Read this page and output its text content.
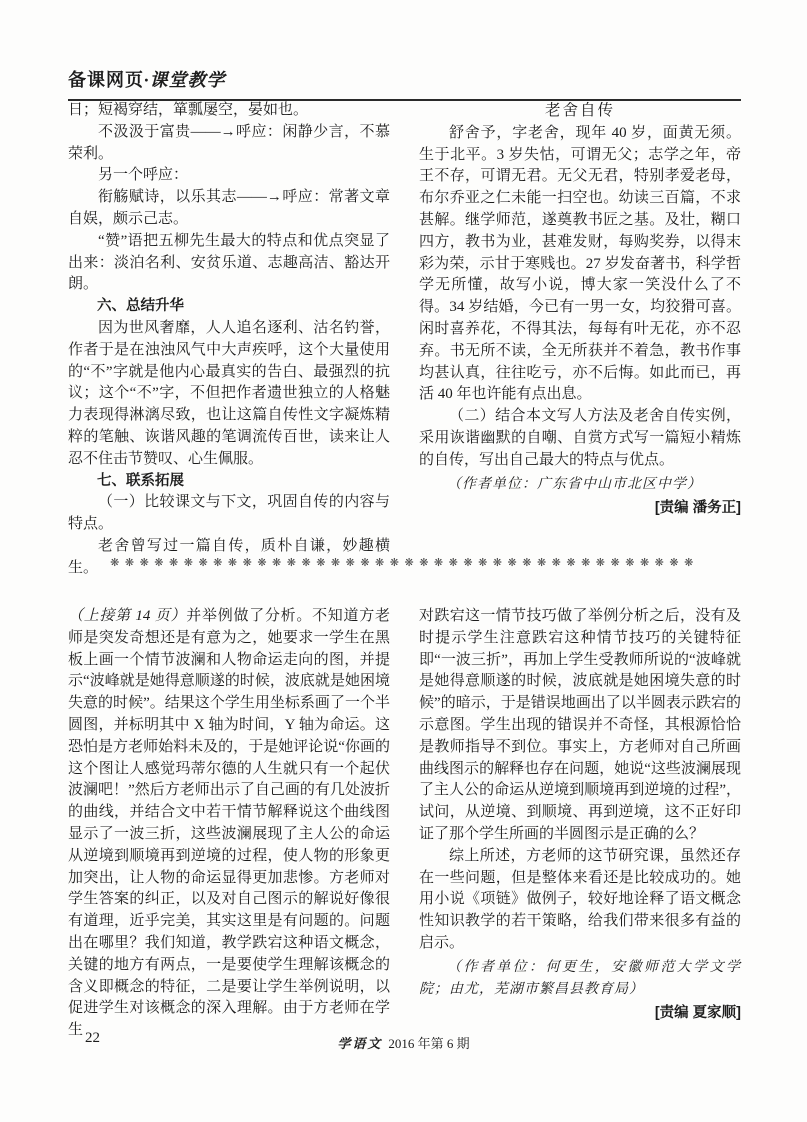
备课网页·课堂教学

日；短褐穿结，箪瓢屡空，晏如也。

不汲汲于富贵——→呼应：闲静少言，不慕荣利。

另一个呼应：

衔觞赋诗，以乐其志——→呼应：常著文章自娱，颇示己志。

“赞”语把五柳先生最大的特点和优点突显了出来：淡泊名利、安贫乐道、志趣高洁、豁达开朗。

六、总结升华

因为世风奢靡，人人追名逐利、沽名钓誉，作者于是在浊浊风气中大声疾呼，这个大量使用的“不”字就是他内心最真实的告白、最强烈的抗议；这个“不”字，不但把作者遗世独立的人格魅力表现得淋漓尽致，也让这篇自传性文字凝炼精粹的笔触、诙谐风趣的笔调流传百世，读来让人忍不住击节赞叹、心生佩服。

七、联系拓展

（一）比较课文与下文，巩固自传的内容与特点。

老舍曾写过一篇自传，质朴自谦，妙趣横生。

老舍自传

舒舍予，字老舍，现年 40 岁，面黄无须。生于北平。3 岁失怙，可谓无父；志学之年，帝王不存，可谓无君。无父无君，特别孝爱老母，布尔乔亚之仁未能一扫空也。幼读三百篇，不求甚解。继学师范，遂奠教书匠之基。及壮，糊口四方，教书为业，甚难发财，每购奖券，以得末彩为荣，示甘于寒贱也。27 岁发奋著书，科学哲学无所懂，故写小说，博大家一笑没什么了不得。34 岁结婚，今已有一男一女，均狡猾可喜。闲时喜养花，不得其法，每每有叶无花，亦不忍弃。书无所不读，全无所获并不着急，教书作事均甚认真，往往吃亏，亦不后悔。如此而已，再活 40 年也许能有点出息。

（二）结合本文写人方法及老舍自传实例，采用诙谐幽默的自嘲、自赏方式写一篇短小精炼的自传，写出自己最大的特点与优点。

（作者单位：广东省中山市北区中学）

[责编 潘务正]

❋❋❋❋❋❋❋❋❋❋❋❋❋❋❋❋❋❋❋❋❋❋❋❋❋❋❋❋❋❋❋❋❋❋❋❋❋❋❋❋

（上接第 14 页）并举例做了分析。不知道方老师是突发奇想还是有意为之，她要求一学生在黑板上画一个情节波澜和人物命运走向的图，并提示“波峰就是她得意顺遂的时候，波底就是她困境失意的时候”。结果这个学生用坐标系画了一个半圆图，并标明其中 X 轴为时间，Y 轴为命运。这恐怕是方老师始料未及的，于是她评论说“你画的这个图让人感觉玛蒂尔德的人生就只有一个起伏波澜吧！”然后方老师出示了自己画的有几处波折的曲线，并结合文中若干情节解释说这个曲线图显示了一波三折，这些波澜展现了主人公的命运从逆境到顺境再到逆境的过程，使人物的形象更加突出，让人物的命运显得更加悲惨。方老师对学生答案的纠正，以及对自己图示的解说好像很有道理，近乎完美，其实这里是有问题的。问题出在哪里？我们知道，教学跌宕这种语文概念，关键的地方有两点，一是要使学生理解该概念的含义即概念的特征，二是要让学生举例说明，以促进学生对该概念的深入理解。由于方老师在学生

对跌宕这一情节技巧做了举例分析之后，没有及时提示学生注意跌宕这种情节技巧的关键特征即“一波三折”，再加上学生受教师所说的“波峰就是她得意顺遂的时候，波底就是她困境失意的时候”的暗示，于是错误地画出了以半圆表示跌宕的示意图。学生出现的错误并不奇怪，其根源恰恰是教师指导不到位。事实上，方老师对自己所画曲线图示的解释也存在问题，她说“这些波澜展现了主人公的命运从逆境到顺境再到逆境的过程”，试问，从逆境、到顺境、再到逆境，这不正好印证了那个学生所画的半圆图示是正确的么？

综上所述，方老师的这节研究课，虽然还存在一些问题，但是整体来看还是比较成功的。她用小说《项链》做例子，较好地诠释了语文概念性知识教学的若干策略，给我们带来很多有益的启示。

（作者单位：何更生，安徽师范大学文学院；由尤，芜湖市繁昌县教育局）

[责编 夏家顺]

22	学语文 2016 年第 6 期
